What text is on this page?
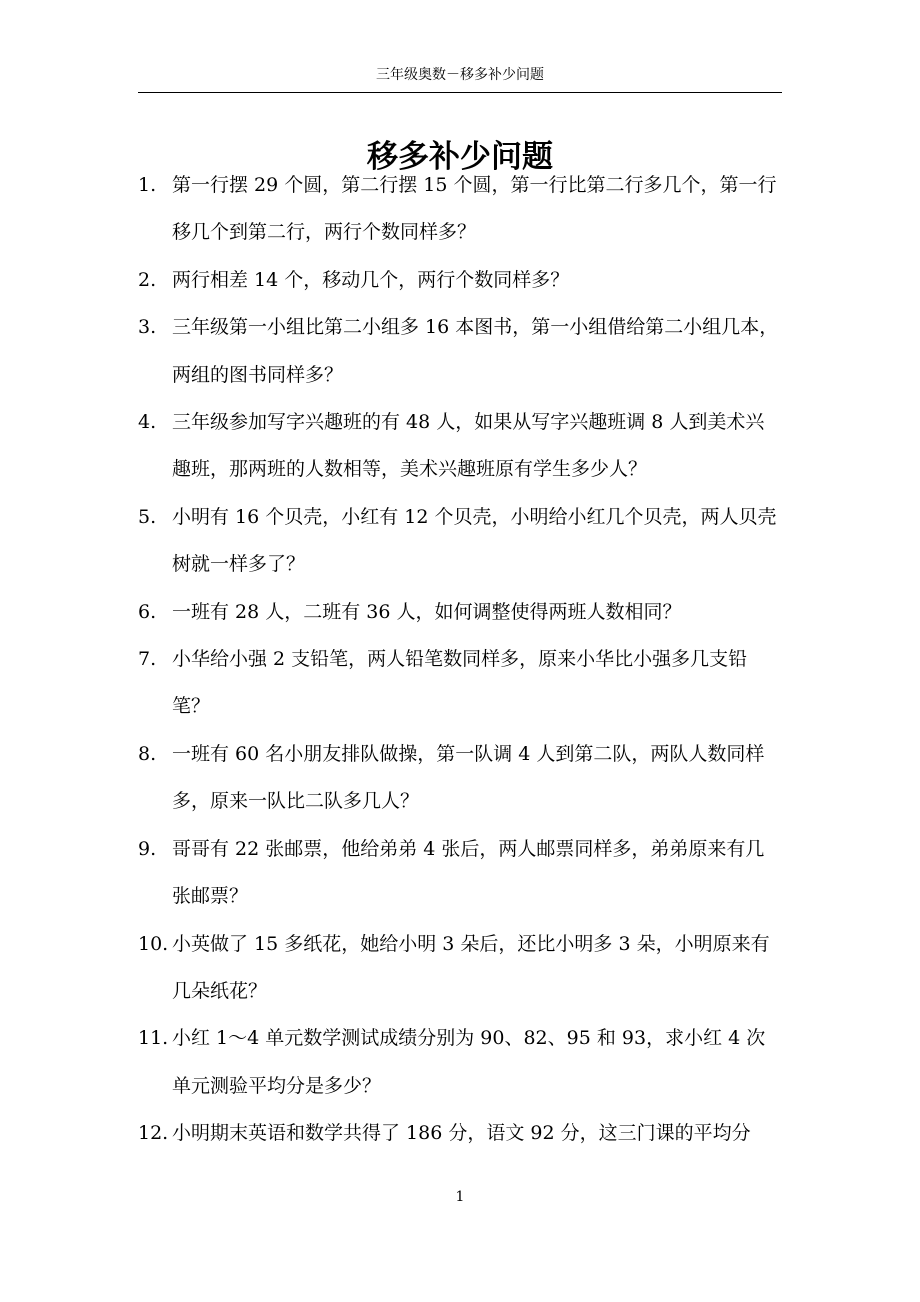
三年级奥数－移多补少问题
移多补少问题
1. 第一行摆 29 个圆，第二行摆 15 个圆，第一行比第二行多几个，第一行移几个到第二行，两行个数同样多？
2. 两行相差 14 个，移动几个，两行个数同样多？
3. 三年级第一小组比第二小组多 16 本图书，第一小组借给第二小组几本，两组的图书同样多？
4. 三年级参加写字兴趣班的有 48 人，如果从写字兴趣班调 8 人到美术兴趣班，那两班的人数相等，美术兴趣班原有学生多少人？
5. 小明有 16 个贝壳，小红有 12 个贝壳，小明给小红几个贝壳，两人贝壳树就一样多了？
6. 一班有 28 人，二班有 36 人，如何调整使得两班人数相同？
7. 小华给小强 2 支铅笔，两人铅笔数同样多，原来小华比小强多几支铅笔？
8. 一班有 60 名小朋友排队做操，第一队调 4 人到第二队，两队人数同样多，原来一队比二队多几人？
9. 哥哥有 22 张邮票，他给弟弟 4 张后，两人邮票同样多，弟弟原来有几张邮票？
10. 小英做了 15 多纸花，她给小明 3 朵后，还比小明多 3 朵，小明原来有几朵纸花？
11. 小红 1～4 单元数学测试成绩分别为 90、82、95 和 93，求小红 4 次单元测验平均分是多少？
12. 小明期末英语和数学共得了 186 分，语文 92 分，这三门课的平均分
1
